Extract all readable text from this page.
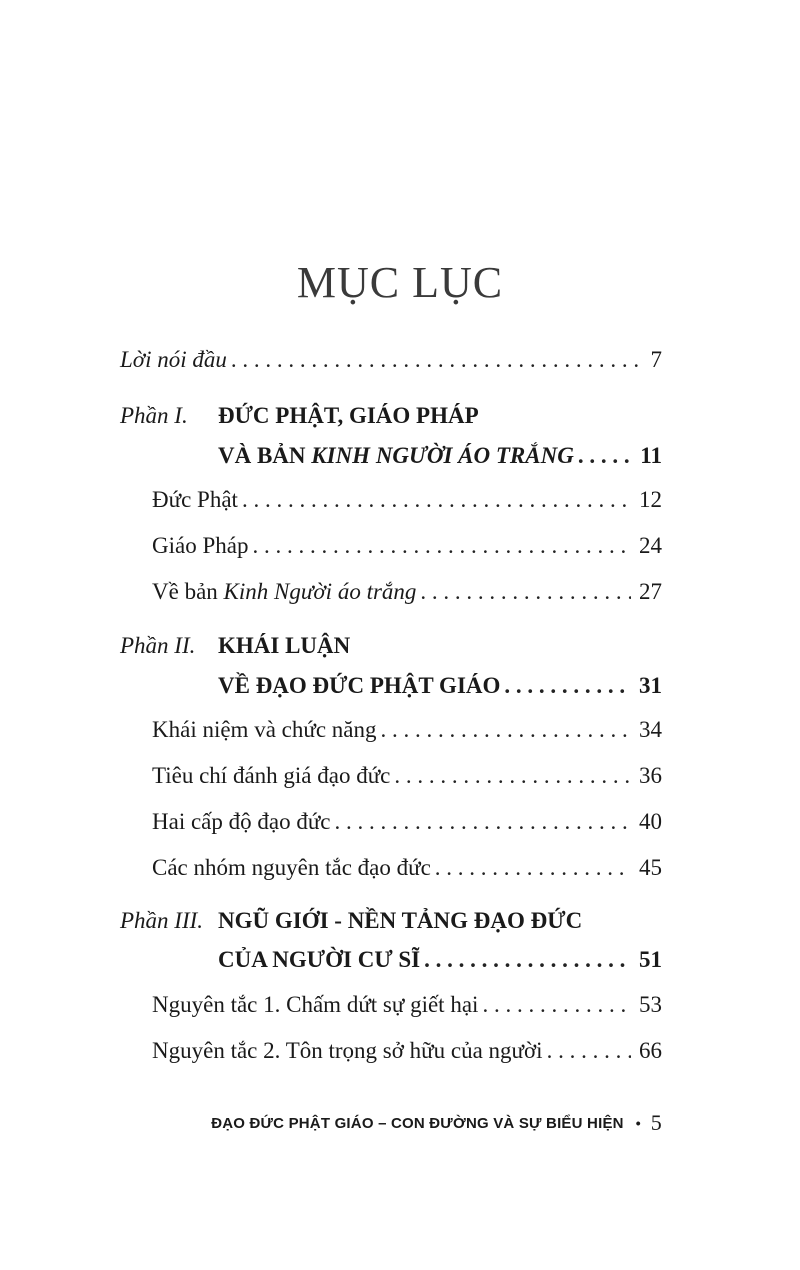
MỤC LỤC
Lời nói đầu . . .	7
Phần I. ĐỨC PHẬT, GIÁO PHÁP
VÀ BẢN KINH NGƯỜI ÁO TRẮNG . . .	11
Đức Phật . . .	12
Giáo Pháp . . .	24
Về bản Kinh Người áo trắng . . .	27
Phần II. KHÁI LUẬN
VỀ ĐẠO ĐỨC PHẬT GIÁO . . .	31
Khái niệm và chức năng . . .	34
Tiêu chí đánh giá đạo đức . . .	36
Hai cấp độ đạo đức . . .	40
Các nhóm nguyên tắc đạo đức . . .	45
Phần III. NGŨ GIỚI - NỀN TẢNG ĐẠO ĐỨC
CỦA NGƯỜI CƯ SĨ . . .	51
Nguyên tắc 1. Chấm dứt sự giết hại . . .	53
Nguyên tắc 2. Tôn trọng sở hữu của người . . .	66
ĐẠO ĐỨC PHẬT GIÁO – CON ĐƯỜNG VÀ SỰ BIỂU HIỆN • 5
